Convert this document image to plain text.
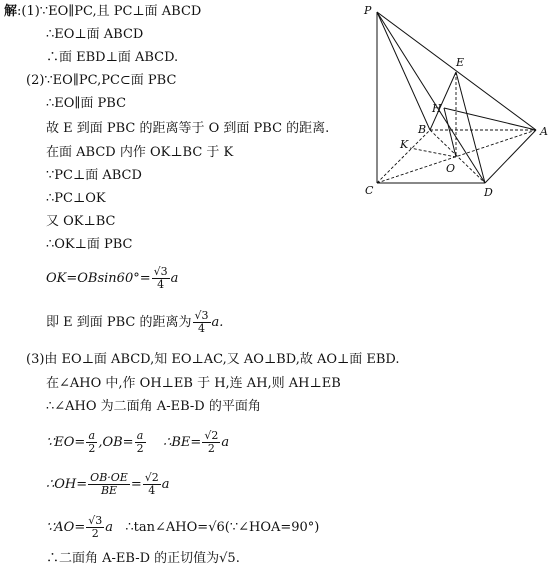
解:(1)∵EO∥PC,且 PC⊥面 ABCD
∴EO⊥面 ABCD
∴面 EBD⊥面 ABCD.
(2)∵EO∥PC,PC⊂面 PBC
∴EO∥面 PBC
故 E 到面 PBC 的距离等于 O 到面 PBC 的距离.
在面 ABCD 内作 OK⊥BC 于 K
∵PC⊥面 ABCD
∴PC⊥OK
又 OK⊥BC
∴OK⊥面 PBC
$OK=OBsin60^\circ= \frac{√3}{4}$ a
即 E 到面 PBC 的距离为 $\frac{√3}{4} a$.
(3)由 EO⊥面 ABCD,知 EO⊥AC,又 AO⊥BD,故 AO⊥面 EBD.
在∠AHO 中,作 OH⊥EB 于 H,连 AH,则 AH⊥EB
∴∠AHO 为二面角 A-EB-D 的平面角
∵EO= $\frac{a}{2} ,OB= \frac{a}{2}$ ∴BE= $\frac{√2}{2}$ a
∴OH= $\frac{OB\cdot OE}{BE} = \frac{√2}{4}$ a
∵AO= $\frac{√3}{2}$ a ∴tan∠AHO=√6(∵∠HOA=90°)
∴二面角 A-EB-D 的正切值为√5.
P
E
H
B
K
O
A
C	D
